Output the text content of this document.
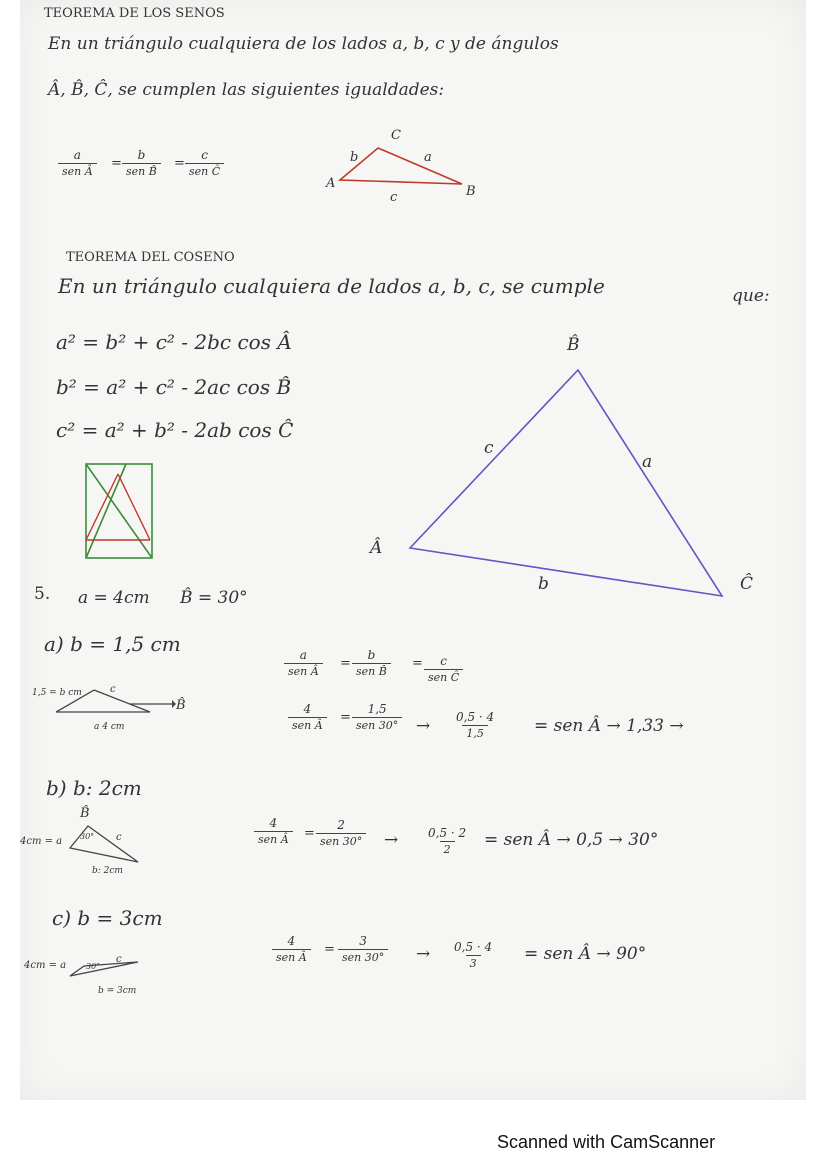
TEOREMA DE LOS SENOS
En un triángulo cualquiera de los lados a, b, c y de ángulos
Â, B̂, Ĉ, se cumplen las siguientes igualdades:
a
sen Â
=
b
sen B̂
=
c
sen Ĉ
C
b	a
A
c	B
TEOREMA DEL COSENO
En un triángulo cualquiera de lados a, b, c, se cumple	que:
a² = b² + c² - 2bc cos Â
b² = a² + c² - 2ac cos B̂
c² = a² + b² - 2ab cos Ĉ
B̂
c
a
Â
b	Ĉ
5. a = 4cm B̂ = 30°
a) b = 1,5 cm
1,5 = b cm	c
a 4 cm
B̂
a
sen Â
=
b
sen B̂
=	c
sen Ĉ
4
sen Â
=
1,5
sen $30^\circ \to \frac{0,5 \cdot 4}{1,5}$ = sen Â → 1,33 →
b) b: 2cm
4cm = a
B̂
30° c
b: 2cm
4
sen Â	=
2
sen $30^\circ \to \frac{0,5 \cdot 2}{2}$ = sen Â → 0,5 → 30°
c) b = 3cm
4cm = a 30°
c
b = 3cm
4
sen Â
=
3
sen $30^\circ \to \frac{0,5 \cdot 4}{3}$ = sen Â → 90°
Scanned with CamScanner
